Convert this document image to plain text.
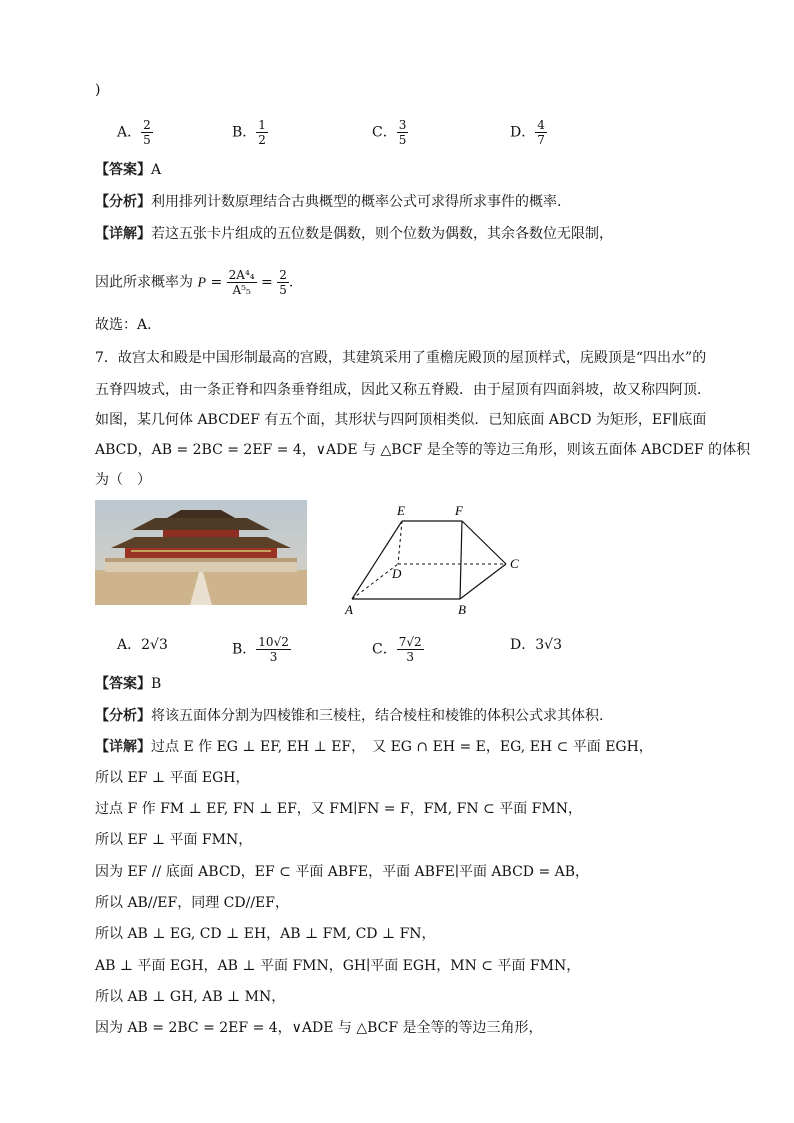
)
A． $\frac{2}{5}$	B． $\frac{1}{2}$	C． $\frac{3}{5}$	D． $\frac{4}{7}$
【答案】A
【分析】利用排列计数原理结合古典概型的概率公式可求得所求事件的概率.
【详解】若这五张卡片组成的五位数是偶数，则个位数为偶数，其余各数位无限制，
因此所求概率为 $P = \frac{\text{2A⁴₄}}{\text{A⁵₅}} = \frac{2}{5}$ .
故选：A.
7．故宫太和殿是中国形制最高的宫殿，其建筑采用了重檐庑殿顶的屋顶样式，庑殿顶是“四出水”的
五脊四坡式，由一条正脊和四条垂脊组成，因此又称五脊殿．由于屋顶有四面斜坡，故又称四阿顶．
如图，某几何体 ABCDEF 有五个面，其形状与四阿顶相类似．已知底面 ABCD 为矩形，EF∥底面
ABCD，AB = 2BC = 2EF = 4，∨ADE 与 △BCF 是全等的等边三角形，则该五面体 ABCDEF 的体积
为（　）
E	F
D
C
A	B
A．2√3	B． $\frac{10√2}{3}$	C． $\frac{7√2}{3}$	D．3√3
【答案】B
【分析】将该五面体分割为四棱锥和三棱柱，结合棱柱和棱锥的体积公式求其体积.
【详解】过点 E 作 EG ⊥ EF, EH ⊥ EF，　又 EG ∩ EH = E，EG, EH ⊂ 平面 EGH，
所以 EF ⊥ 平面 EGH，
过点 F 作 FM ⊥ EF, FN ⊥ EF，又 FM∣FN = F，FM, FN ⊂ 平面 FMN，
所以 EF ⊥ 平面 FMN，
因为 EF // 底面 ABCD，EF ⊂ 平面 ABFE，平面 ABFE∣平面 ABCD = AB，
所以 AB//EF，同理 CD//EF，
所以 AB ⊥ EG, CD ⊥ EH，AB ⊥ FM, CD ⊥ FN，
AB ⊥ 平面 EGH，AB ⊥ 平面 FMN，GH∣平面 EGH，MN ⊂ 平面 FMN，
所以 AB ⊥ GH, AB ⊥ MN，
因为 AB = 2BC = 2EF = 4，∨ADE 与 △BCF 是全等的等边三角形，
